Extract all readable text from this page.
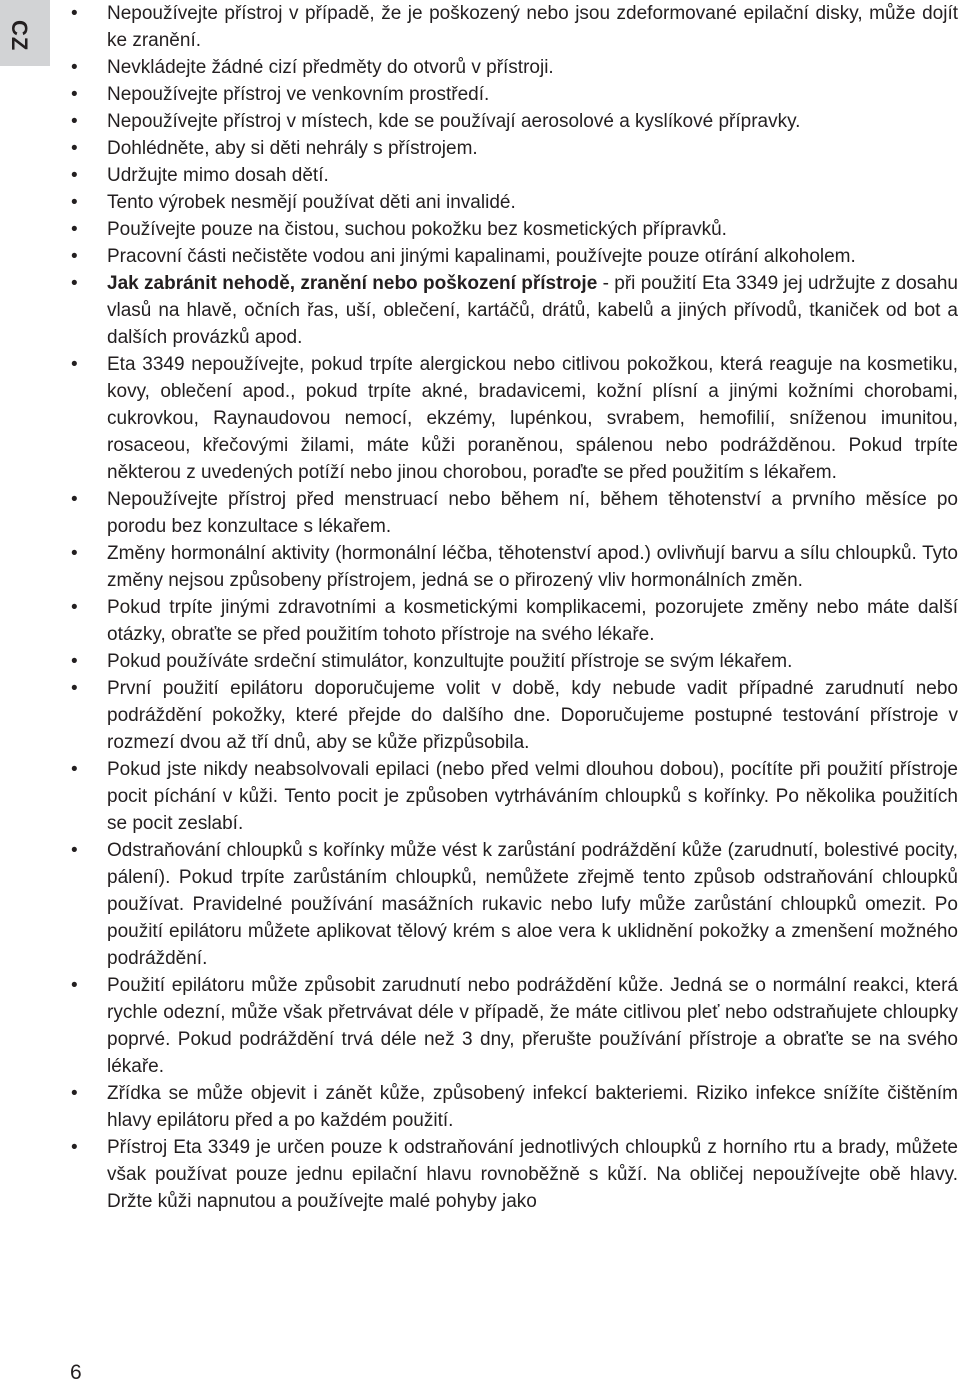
CZ
• Nepoužívejte přístroj v případě, že je poškozený nebo jsou zdeformované epilační disky, může dojít ke zranění.
• Nevkládejte žádné cizí předměty do otvorů v přístroji.
• Nepoužívejte přístroj ve venkovním prostředí.
• Nepoužívejte přístroj v místech, kde se používají aerosolové a kyslíkové přípravky.
• Dohlédněte, aby si děti nehrály s přístrojem.
• Udržujte mimo dosah dětí.
• Tento výrobek nesmějí používat děti ani invalidé.
• Používejte pouze na čistou, suchou pokožku bez kosmetických přípravků.
• Pracovní části nečistěte vodou ani jinými kapalinami, používejte pouze otírání alkoholem.
• Jak zabránit nehodě, zranění nebo poškození přístroje - při použití Eta 3349 jej udržujte z dosahu vlasů na hlavě, očních řas, uší, oblečení, kartáčů, drátů, kabelů a jiných přívodů, tkaniček od bot a dalších provázků apod.
• Eta 3349 nepoužívejte, pokud trpíte alergickou nebo citlivou pokožkou, která reaguje na kosmetiku, kovy, oblečení apod., pokud trpíte akné, bradavicemi, kožní plísní a jinými kožními chorobami, cukrovkou, Raynaudovou nemocí, ekzémy, lupénkou, svrabem, hemofilií, sníženou imunitou, rosaceou, křečovými žilami, máte kůži poraněnou, spálenou nebo podrážděnou. Pokud trpíte některou z uvedených potíží nebo jinou chorobou, poraďte se před použitím s lékařem.
• Nepoužívejte přístroj před menstruací nebo během ní, během těhotenství a prvního měsíce po porodu bez konzultace s lékařem.
• Změny hormonální aktivity (hormonální léčba, těhotenství apod.) ovlivňují barvu a sílu chloupků. Tyto změny nejsou způsobeny přístrojem, jedná se o přirozený vliv hormonálních změn.
• Pokud trpíte jinými zdravotními a kosmetickými komplikacemi, pozorujete změny nebo máte další otázky, obraťte se před použitím tohoto přístroje na svého lékaře.
• Pokud používáte srdeční stimulátor, konzultujte použití přístroje se svým lékařem.
• První použití epilátoru doporučujeme volit v době, kdy nebude vadit případné zarudnutí nebo podráždění pokožky, které přejde do dalšího dne. Doporučujeme postupné testování přístroje v rozmezí dvou až tří dnů, aby se kůže přizpůsobila.
• Pokud jste nikdy neabsolvovali epilaci (nebo před velmi dlouhou dobou), pocítíte při použití přístroje pocit píchání v kůži. Tento pocit je způsoben vytrháváním chloupků s kořínky. Po několika použitích se pocit zeslabí.
• Odstraňování chloupků s kořínky může vést k zarůstání podráždění kůže (zarudnutí, bolestivé pocity, pálení). Pokud trpíte zarůstáním chloupků, nemůžete zřejmě tento způsob odstraňování chloupků používat. Pravidelné používání masážních rukavic nebo lufy může zarůstání chloupků omezit. Po použití epilátoru můžete aplikovat tělový krém s aloe vera k uklidnění pokožky a zmenšení možného podráždění.
• Použití epilátoru může způsobit zarudnutí nebo podráždění kůže. Jedná se o normální reakci, která rychle odezní, může však přetrvávat déle v případě, že máte citlivou pleť nebo odstraňujete chloupky poprvé. Pokud podráždění trvá déle než 3 dny, přerušte používání přístroje a obraťte se na svého lékaře.
• Zřídka se může objevit i zánět kůže, způsobený infekcí bakteriemi. Riziko infekce snížíte čištěním hlavy epilátoru před a po každém použití.
• Přístroj Eta 3349 je určen pouze k odstraňování jednotlivých chloupků z horního rtu a brady, můžete však používat pouze jednu epilační hlavu rovnoběžně s kůží. Na obličej nepoužívejte obě hlavy. Držte kůži napnutou a používejte malé pohyby jako
6
